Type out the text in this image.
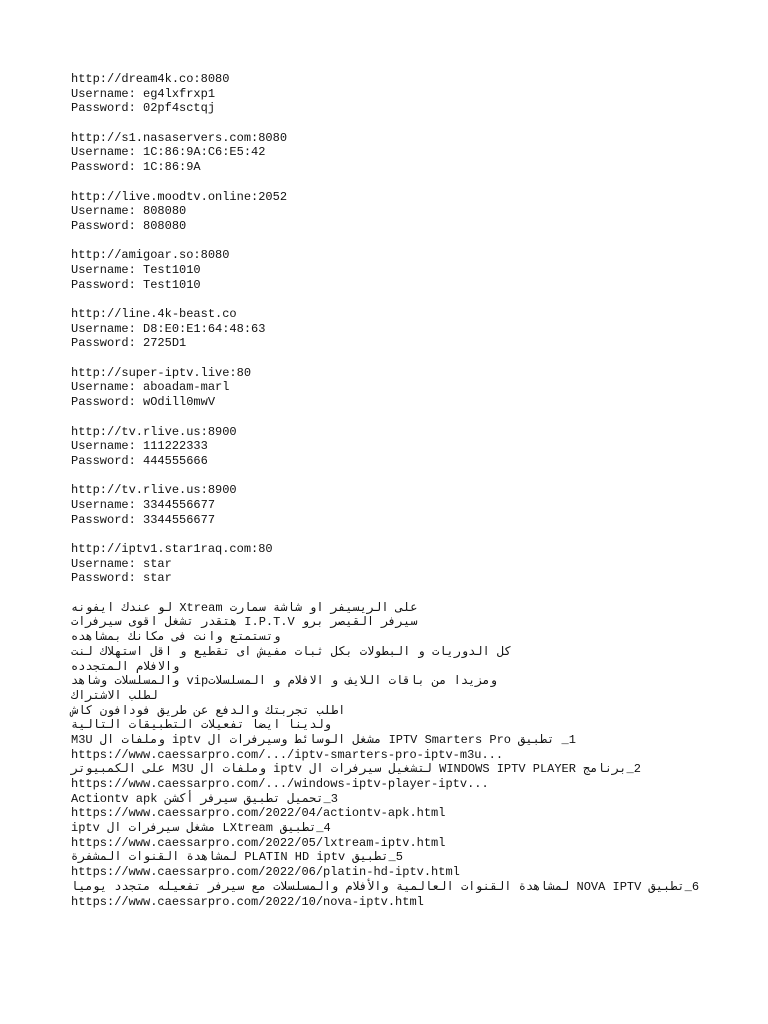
http://dream4k.co:8080
Username: eg4lxfrxp1
Password: 02pf4sctqj
http://s1.nasaservers.com:8080
Username: 1C:86:9A:C6:E5:42
Password: 1C:86:9A
http://live.moodtv.online:2052
Username: 808080
Password: 808080
http://amigoar.so:8080
Username: Test1010
Password: Test1010
http://line.4k-beast.co
Username: D8:E0:E1:64:48:63
Password: 2725D1
http://super-iptv.live:80
Username: aboadam-marl
Password: wOdill0mwV
http://tv.rlive.us:8900
Username: 111222333
Password: 444555666
http://tv.rlive.us:8900
Username: 3344556677
Password: 3344556677
http://iptv1.star1raq.com:80
Username: star
Password: star
على الريسيفر او شاشة سمارت Xtream لو عندك ايفونه
سيرفر القيصر برو I.P.T.V هتقدر تشغل اقوى سيرفرات
وتستمتع وانت فى مكانك بمشاهده
كل الدوريات و البطولات بكل ثبات مفيش اى تقطيع و اقل استهلاك لنت
والافلام المتجدده
ومزيدا من باقات اللايف و الافلام و المسلسلاتvip والمسلسلات وشاهد
لطلب الاشتراك
اطلب تجربتك والدفع عن طريق فودافون كاش
ولدينا ايضا تفعيلات التطبيقات التالية
1_ تطبيق IPTV Smarters Pro مشغل الوسائط وسيرفرات ال iptv وملفات ال M3U
https://www.caessarpro.com/.../iptv-smarters-pro-iptv-m3u...
2_برنامج WINDOWS IPTV PLAYER لتشغيل سيرفرات ال iptv وملفات ال M3U على الكمبيوتر
https://www.caessarpro.com/.../windows-iptv-player-iptv...
3_تحميل تطبيق سيرفر أكشن Actiontv apk
https://www.caessarpro.com/2022/04/actiontv-apk.html
4_تطبيق LXtream مشغل سيرفرات ال iptv
https://www.caessarpro.com/2022/05/lxtream-iptv.html
5_تطبيق PLATIN HD iptv لمشاهدة القنوات المشفرة
https://www.caessarpro.com/2022/06/platin-hd-iptv.html
6_تطبيق NOVA IPTV لمشاهدة القنوات العالمية والأفلام والمسلسلات مع سيرفر تفعيله متجدد يوميا
https://www.caessarpro.com/2022/10/nova-iptv.html
